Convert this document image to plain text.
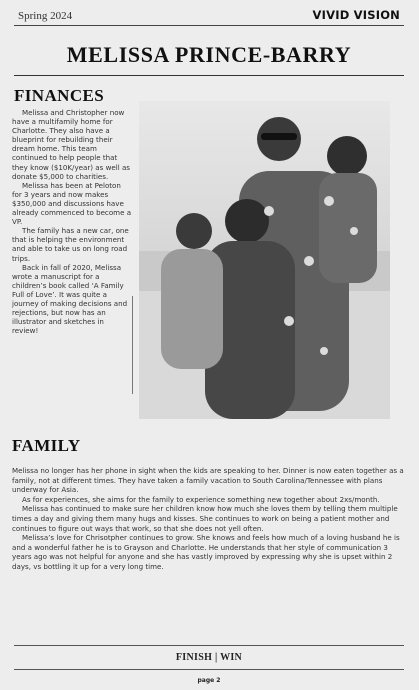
Spring 2024	VIVID VISION
MELISSA PRINCE-BARRY
FINANCES

Melissa and Christopher now have a multifamily home for Charlotte. They also have a blueprint for rebuilding their dream home. This team continued to help people that they know ($10K/year) as well as donate $5,000 to charities.

Melissa has been at Peloton for 3 years and now makes $350,000 and discussions have already commenced to become a VP.

The family has a new car, one that is helping the environment and able to take us on long road trips.

Back in fall of 2020, Melissa wrote a manuscript for a children’s book called ‘A Family Full of Love’. It was quite a journey of making decisions and rejections, but now has an illustrator and sketches in review!

FAMILY

Melissa no longer has her phone in sight when the kids are speaking to her. Dinner is now eaten together as a family, not at different times. They have taken a family vacation to South Carolina/Tennessee with plans underway for Asia.

As for experiences, she aims for the family to experience something new together about 2xs/month.

Melissa has continued to make sure her children know how much she loves them by telling them multiple times a day and giving them many hugs and kisses. She continues to work on being a patient mother and continues to figure out ways that work, so that she does not yell often.

Melissa’s love for Chrisotpher continues to grow. She knows and feels how much of a loving husband he is and a wonderful father he is to Grayson and Charlotte. He understands that her style of communication 3 years ago was not helpful for anyone and she has vastly improved by expressing why she is upset within 2 days, vs bottling it up for a very long time.

FINISH | WIN
page 2
